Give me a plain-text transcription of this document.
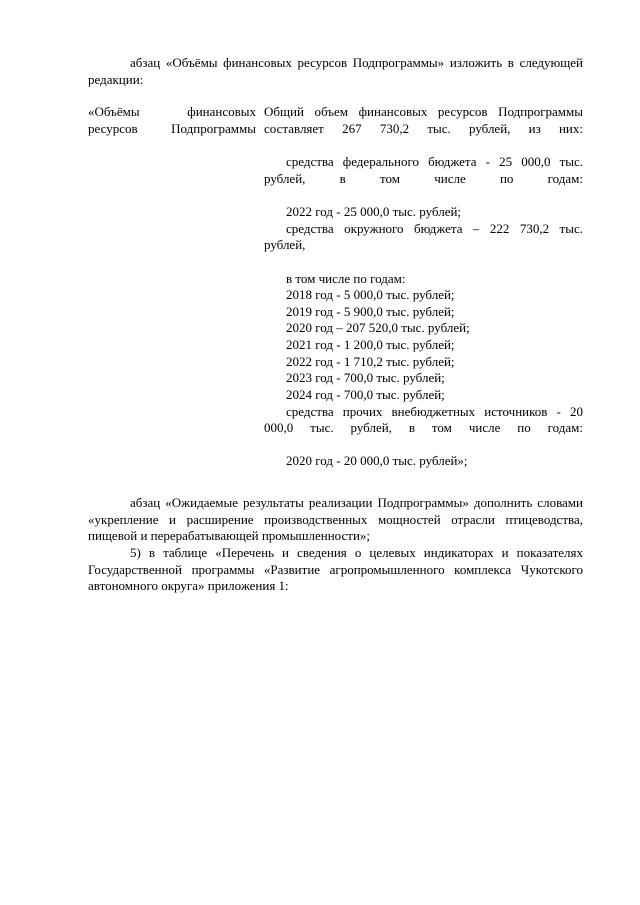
абзац «Объёмы финансовых ресурсов Подпрограммы» изложить в следующей редакции:

«Объёмы финансовых ресурсов Подпрограммы
Общий объем финансовых ресурсов Подпрограммы составляет 267 730,2 тыс. рублей, из них:
средства федерального бюджета - 25 000,0 тыс. рублей, в том числе по годам:
2022 год - 25 000,0 тыс. рублей;
средства окружного бюджета – 222 730,2 тыс. рублей,
в том числе по годам:
2018 год - 5 000,0 тыс. рублей;
2019 год - 5 900,0 тыс. рублей;
2020 год – 207 520,0 тыс. рублей;
2021 год - 1 200,0 тыс. рублей;
2022 год - 1 710,2 тыс. рублей;
2023 год - 700,0 тыс. рублей;
2024 год - 700,0 тыс. рублей;
средства прочих внебюджетных источников - 20 000,0 тыс. рублей, в том числе по годам:
2020 год - 20 000,0 тыс. рублей»;

абзац «Ожидаемые результаты реализации Подпрограммы» дополнить словами «укрепление и расширение производственных мощностей отрасли птицеводства, пищевой и перерабатывающей промышленности»;

5) в таблице «Перечень и сведения о целевых индикаторах и показателях Государственной программы «Развитие агропромышленного комплекса Чукотского автономного округа» приложения 1:
